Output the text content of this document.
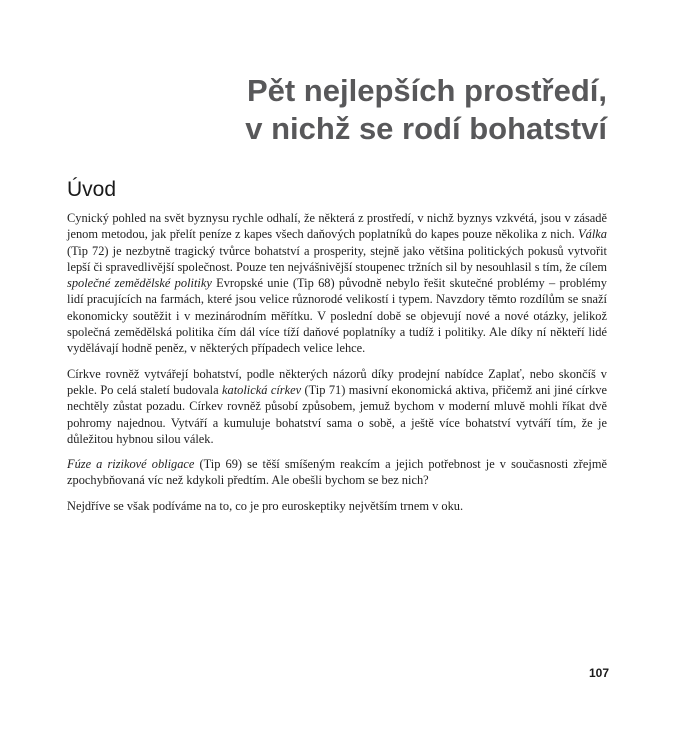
Pět nejlepších prostředí,
v nichž se rodí bohatství
Úvod

Cynický pohled na svět byznysu rychle odhalí, že některá z prostředí, v nichž byznys vzkvétá, jsou v zásadě jenom metodou, jak přelít peníze z kapes všech daňových poplatníků do kapes pouze několika z nich. Válka (Tip 72) je nezbytně tragický tvůrce bohatství a prosperity, stejně jako většina politických pokusů vytvořit lepší či spravedlivější společnost. Pouze ten nejvášnivější stoupenec tržních sil by nesouhlasil s tím, že cílem společné zemědělské politiky Evropské unie (Tip 68) původně nebylo řešit skutečné problémy – problémy lidí pracujících na farmách, které jsou velice různorodé velikostí i typem. Navzdory těmto rozdílům se snaží ekonomicky soutěžit i v mezinárodním měřítku. V poslední době se objevují nové a nové otázky, jelikož společná zemědělská politika čím dál více tíží daňové poplatníky a tudíž i politiky. Ale díky ní někteří lidé vydělávají hodně peněz, v některých případech velice lehce.

Církve rovněž vytvářejí bohatství, podle některých názorů díky prodejní nabídce Zaplať, nebo skončíš v pekle. Po celá staletí budovala katolická církev (Tip 71) masivní ekonomická aktiva, přičemž ani jiné církve nechtěly zůstat pozadu. Církev rovněž působí způsobem, jemuž bychom v moderní mluvě mohli říkat dvě pohromy najednou. Vytváří a kumuluje bohatství sama o sobě, a ještě více bohatství vytváří tím, že je důležitou hybnou silou válek.

Fúze a rizikové obligace (Tip 69) se těší smíšeným reakcím a jejich potřebnost je v současnosti zřejmě zpochybňovaná víc než kdykoli předtím. Ale obešli bychom se bez nich?

Nejdříve se však podíváme na to, co je pro euroskeptiky největším trnem v oku.

107
